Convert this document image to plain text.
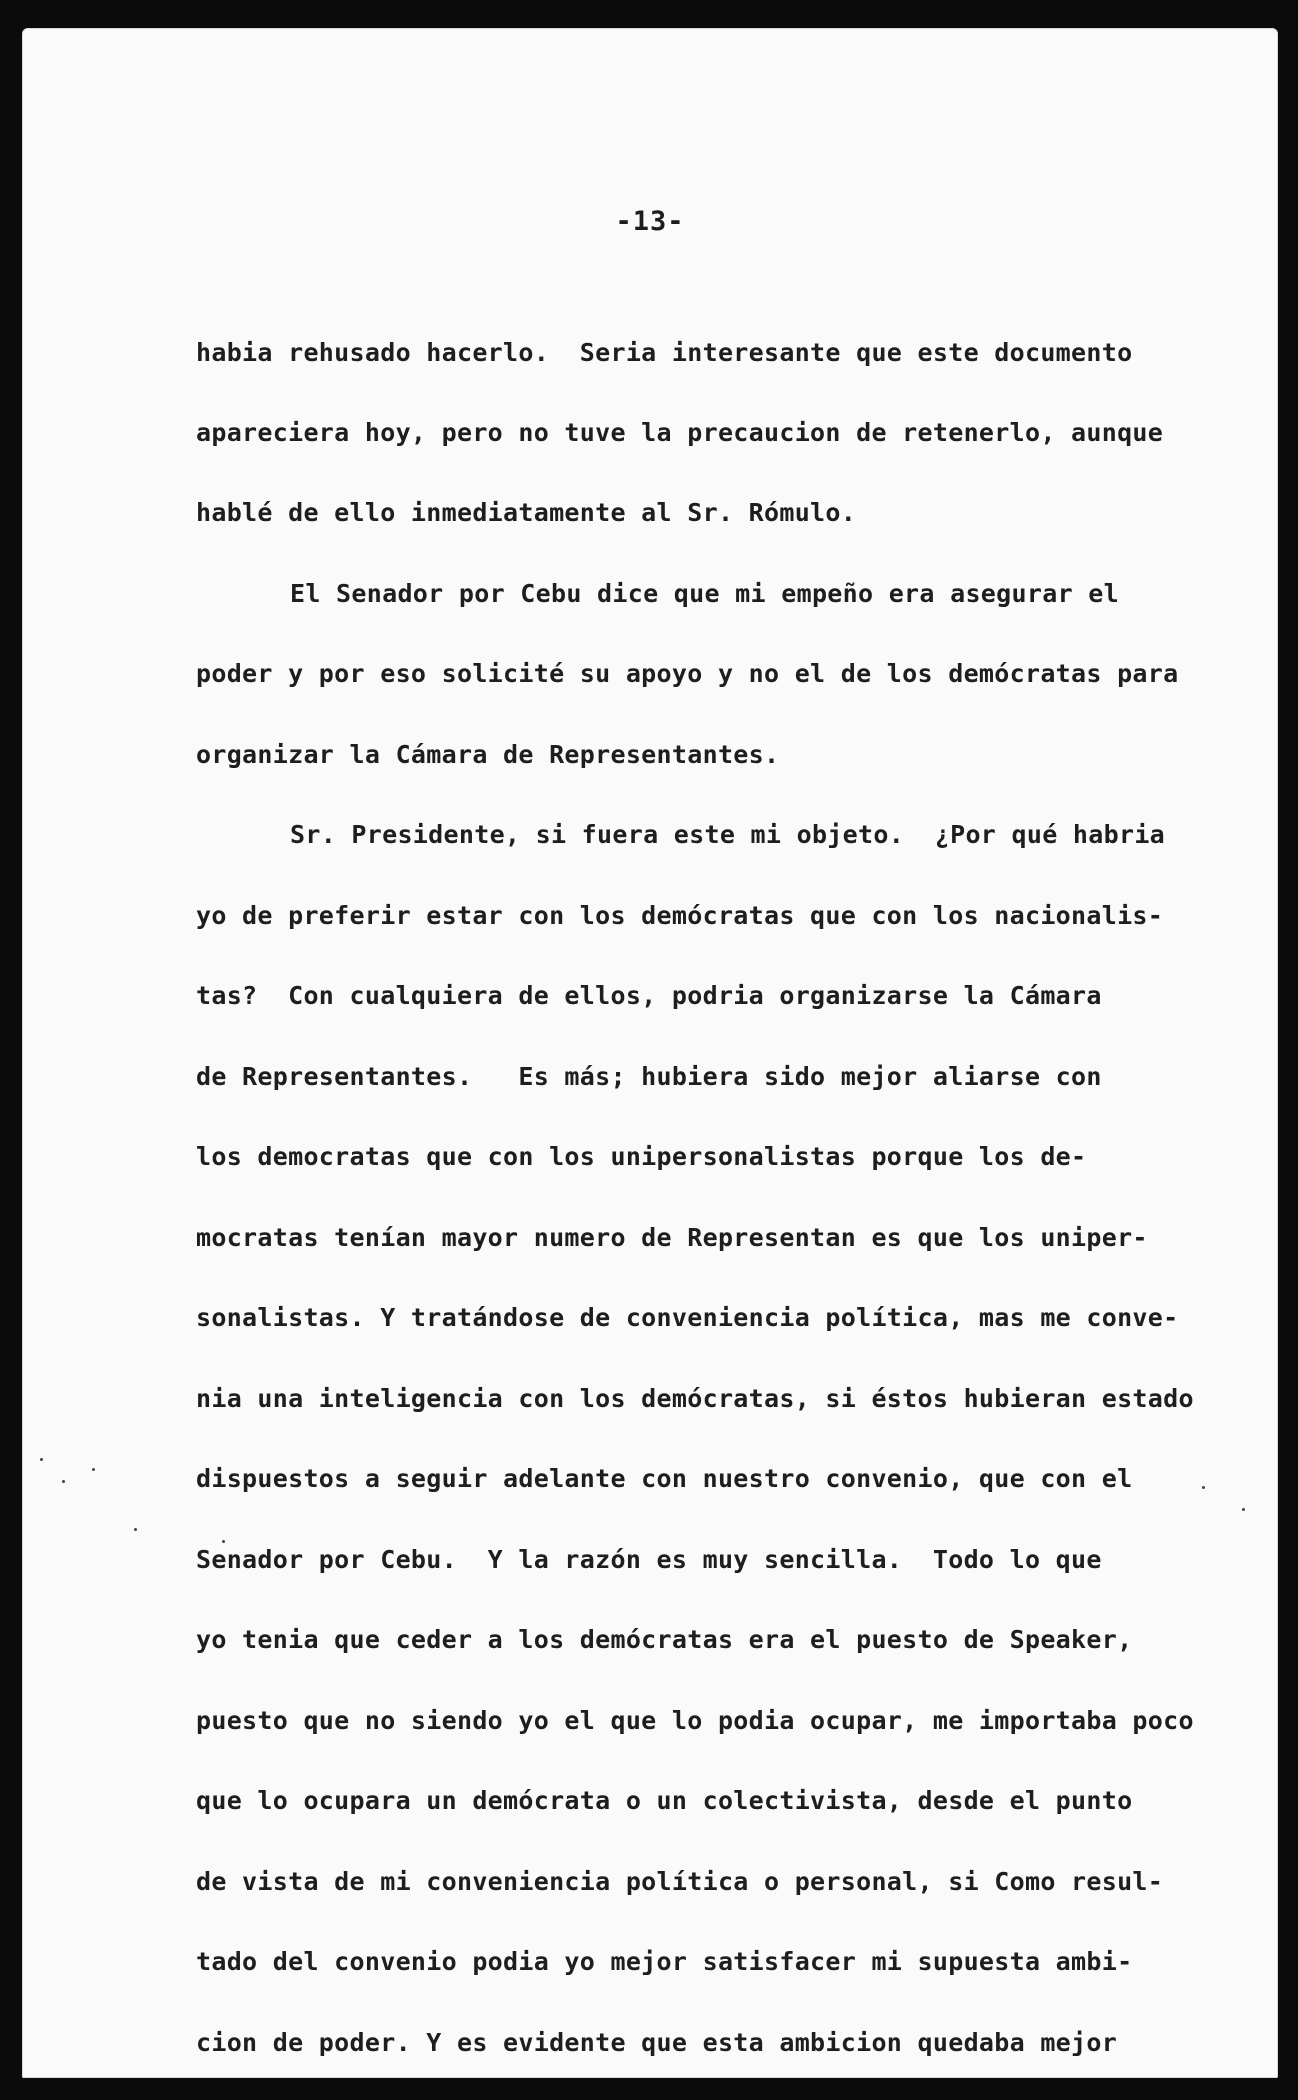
-13-
habia rehusado hacerlo.  Seria interesante que este documento
apareciera hoy, pero no tuve la precaucion de retenerlo, aunque
hablé de ello inmediatamente al Sr. Rómulo.
El Senador por Cebu dice que mi empeño era asegurar el
poder y por eso solicité su apoyo y no el de los demócratas para
organizar la Cámara de Representantes.
Sr. Presidente, si fuera este mi objeto.  ¿Por qué habria
yo de preferir estar con los demócratas que con los nacionalis-
tas?  Con cualquiera de ellos, podria organizarse la Cámara
de Representantes.   Es más; hubiera sido mejor aliarse con
los democratas que con los unipersonalistas porque los de-
mocratas tenían mayor numero de Representan es que los uniper-
sonalistas. Y tratándose de conveniencia política, mas me conve-
nia una inteligencia con los demócratas, si éstos hubieran estado
dispuestos a seguir adelante con nuestro convenio, que con el
Senador por Cebu.  Y la razón es muy sencilla.  Todo lo que
yo tenia que ceder a los demócratas era el puesto de Speaker,
puesto que no siendo yo el que lo podia ocupar, me importaba poco
que lo ocupara un demócrata o un colectivista, desde el punto
de vista de mi conveniencia política o personal, si Como resul-
tado del convenio podia yo mejor satisfacer mi supuesta ambi-
cion de poder. Y es evidente que esta ambicion quedaba mejor
